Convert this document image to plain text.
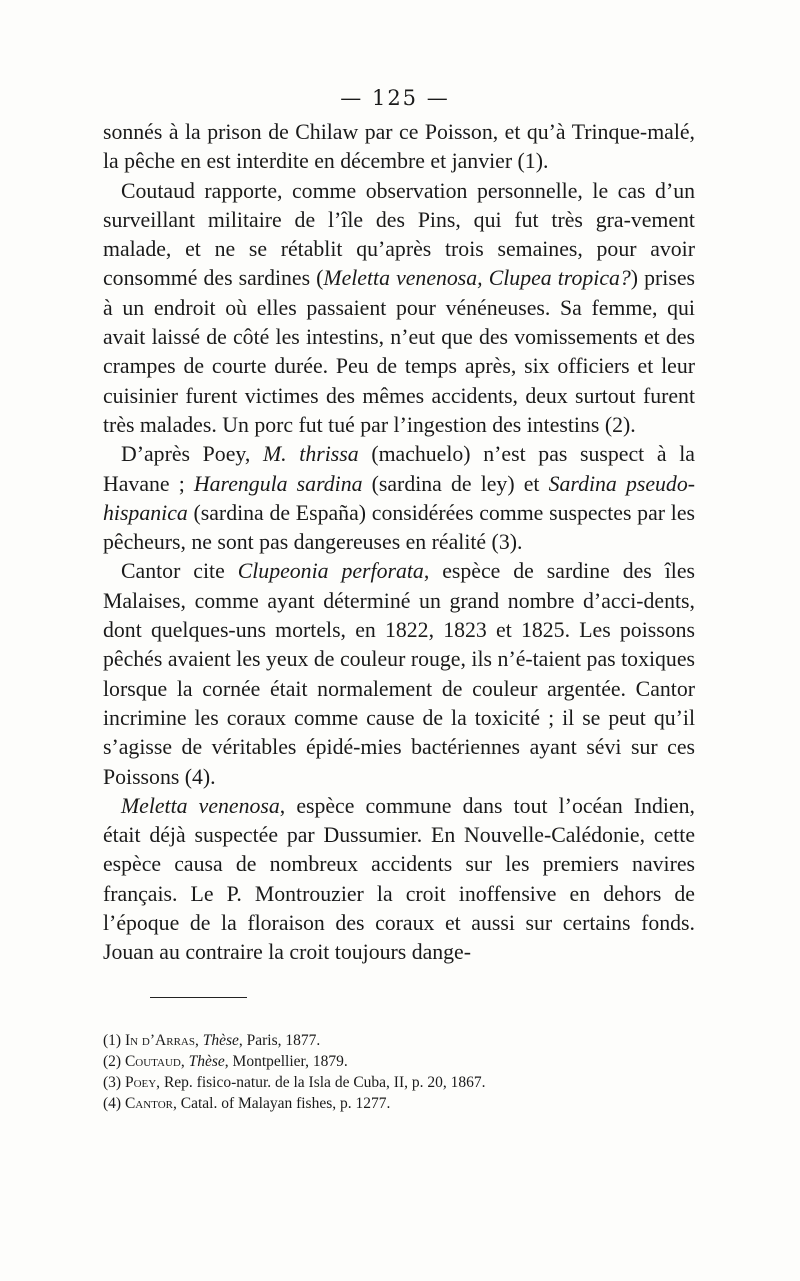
— 125 —

sonnés à la prison de Chilaw par ce Poisson, et qu’à Trinque-malé, la pêche en est interdite en décembre et janvier (1).

Coutaud rapporte, comme observation personnelle, le cas d’un surveillant militaire de l’île des Pins, qui fut très gra-vement malade, et ne se rétablit qu’après trois semaines, pour avoir consommé des sardines (Meletta venenosa, Clupea tropica?) prises à un endroit où elles passaient pour vénéneuses. Sa femme, qui avait laissé de côté les intestins, n’eut que des vomissements et des crampes de courte durée. Peu de temps après, six officiers et leur cuisinier furent victimes des mêmes accidents, deux surtout furent très malades. Un porc fut tué par l’ingestion des intestins (2).

D’après Poey, M. thrissa (machuelo) n’est pas suspect à la Havane ; Harengula sardina (sardina de ley) et Sardina pseudo-hispanica (sardina de España) considérées comme suspectes par les pêcheurs, ne sont pas dangereuses en réalité (3).

Cantor cite Clupeonia perforata, espèce de sardine des îles Malaises, comme ayant déterminé un grand nombre d’acci-dents, dont quelques-uns mortels, en 1822, 1823 et 1825. Les poissons pêchés avaient les yeux de couleur rouge, ils n’é-taient pas toxiques lorsque la cornée était normalement de couleur argentée. Cantor incrimine les coraux comme cause de la toxicité ; il se peut qu’il s’agisse de véritables épidé-mies bactériennes ayant sévi sur ces Poissons (4).

Meletta venenosa, espèce commune dans tout l’océan Indien, était déjà suspectée par Dussumier. En Nouvelle-Calédonie, cette espèce causa de nombreux accidents sur les premiers navires français. Le P. Montrouzier la croit inoffensive en dehors de l’époque de la floraison des coraux et aussi sur certains fonds. Jouan au contraire la croit toujours dange-

(1) In d’Arras, Thèse, Paris, 1877.
(2) Coutaud, Thèse, Montpellier, 1879.
(3) Poey, Rep. fisico-natur. de la Isla de Cuba, II, p. 20, 1867.
(4) Cantor, Catal. of Malayan fishes, p. 1277.
